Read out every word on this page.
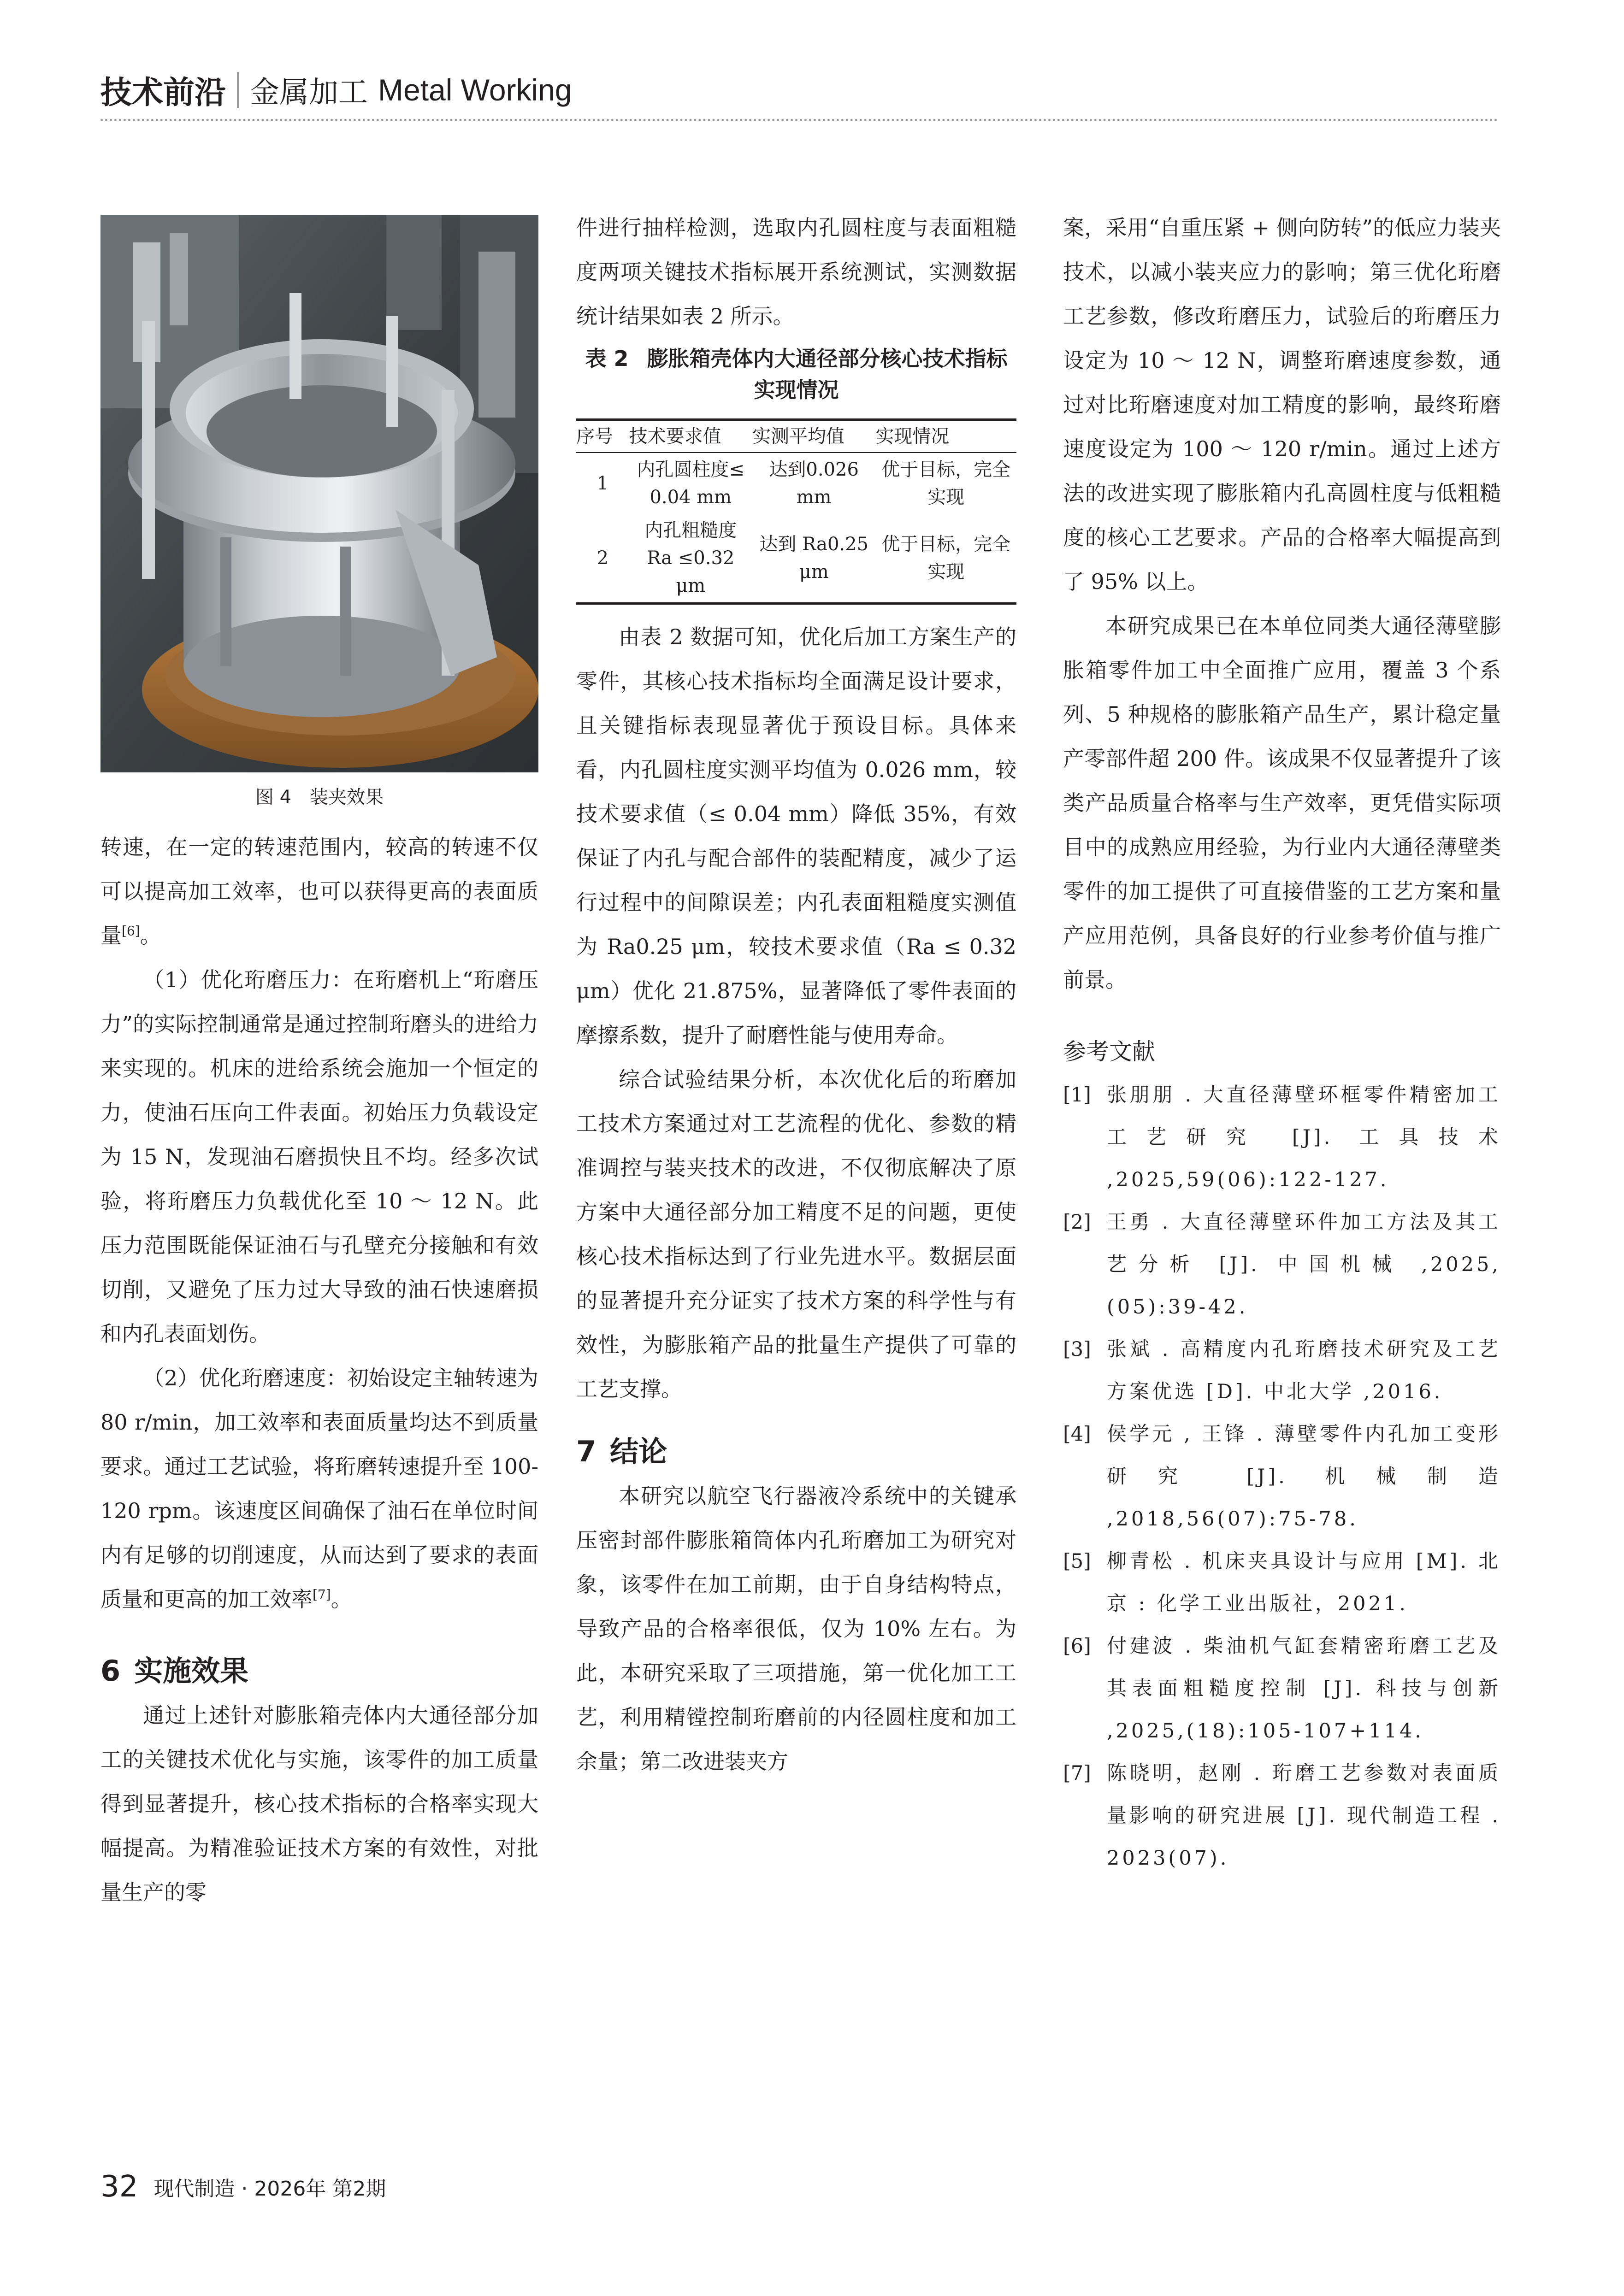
技术前沿 金属加工 Metal Working
图 4　装夹效果

转速，在一定的转速范围内，较高的转速不仅可以提高加工效率，也可以获得更高的表面质量[6]。

（1）优化珩磨压力：在珩磨机上“珩磨压力”的实际控制通常是通过控制珩磨头的进给力来实现的。机床的进给系统会施加一个恒定的力，使油石压向工件表面。初始压力负载设定为 15 N，发现油石磨损快且不均。经多次试验，将珩磨压力负载优化至 10 ～ 12 N。此压力范围既能保证油石与孔壁充分接触和有效切削，又避免了压力过大导致的油石快速磨损和内孔表面划伤。

（2）优化珩磨速度：初始设定主轴转速为 80 r/min，加工效率和表面质量均达不到质量要求。通过工艺试验，将珩磨转速提升至 100-120 rpm。该速度区间确保了油石在单位时间内有足够的切削速度，从而达到了要求的表面质量和更高的加工效率[7]。

6 实施效果

通过上述针对膨胀箱壳体内大通径部分加工的关键技术优化与实施，该零件的加工质量得到显著提升，核心技术指标的合格率实现大幅提高。为精准验证技术方案的有效性，对批量生产的零

件进行抽样检测，选取内孔圆柱度与表面粗糙度两项关键技术指标展开系统测试，实测数据统计结果如表 2 所示。

表 2 膨胀箱壳体内大通径部分核心技术指标实现情况
序号	技术要求值	实测平均值	实现情况
1	内孔圆柱度≤ 0.04 mm	达到0.026 mm	优于目标，完全实现
2	内孔粗糙度 Ra ≤0.32 μm	达到 Ra0.25 μm	优于目标，完全实现

由表 2 数据可知，优化后加工方案生产的零件，其核心技术指标均全面满足设计要求，且关键指标表现显著优于预设目标。具体来看，内孔圆柱度实测平均值为 0.026 mm，较技术要求值（≤ 0.04 mm）降低 35%，有效保证了内孔与配合部件的装配精度，减少了运行过程中的间隙误差；内孔表面粗糙度实测值为 Ra0.25 μm，较技术要求值（Ra ≤ 0.32 μm）优化 21.875%，显著降低了零件表面的摩擦系数，提升了耐磨性能与使用寿命。

综合试验结果分析，本次优化后的珩磨加工技术方案通过对工艺流程的优化、参数的精准调控与装夹技术的改进，不仅彻底解决了原方案中大通径部分加工精度不足的问题，更使核心技术指标达到了行业先进水平。数据层面的显著提升充分证实了技术方案的科学性与有效性，为膨胀箱产品的批量生产提供了可靠的工艺支撑。

7 结论

本研究以航空飞行器液冷系统中的关键承压密封部件膨胀箱筒体内孔珩磨加工为研究对象，该零件在加工前期，由于自身结构特点，导致产品的合格率很低，仅为 10% 左右。为此，本研究采取了三项措施，第一优化加工工艺，利用精镗控制珩磨前的内径圆柱度和加工余量；第二改进装夹方

案，采用“自重压紧 + 侧向防转”的低应力装夹技术，以减小装夹应力的影响；第三优化珩磨工艺参数，修改珩磨压力，试验后的珩磨压力设定为 10 ～ 12 N，调整珩磨速度参数，通过对比珩磨速度对加工精度的影响，最终珩磨速度设定为 100 ～ 120 r/min。通过上述方法的改进实现了膨胀箱内孔高圆柱度与低粗糙度的核心工艺要求。产品的合格率大幅提高到了 95% 以上。

本研究成果已在本单位同类大通径薄壁膨胀箱零件加工中全面推广应用，覆盖 3 个系列、5 种规格的膨胀箱产品生产，累计稳定量产零部件超 200 件。该成果不仅显著提升了该类产品质量合格率与生产效率，更凭借实际项目中的成熟应用经验，为行业内大通径薄壁类零件的加工提供了可直接借鉴的工艺方案和量产应用范例，具备良好的行业参考价值与推广前景。

参考文献
[1] 张朋朋 . 大直径薄壁环框零件精密加工工艺研究 [J]. 工具技术 ,2025,59(06):122-127.
[2] 王勇 . 大直径薄壁环件加工方法及其工艺分析 [J]. 中国机械 ,2025,(05):39-42.
[3] 张斌 . 高精度内孔珩磨技术研究及工艺方案优选 [D]. 中北大学 ,2016.
[4] 侯学元 , 王锋 . 薄壁零件内孔加工变形研究 [J]. 机械制造 ,2018,56(07):75-78.
[5] 柳青松 . 机床夹具设计与应用 [M]. 北京 : 化学工业出版社，2021.
[6] 付建波 . 柴油机气缸套精密珩磨工艺及其表面粗糙度控制 [J]. 科技与创新 ,2025,(18):105-107+114.
[7] 陈晓明，赵刚 . 珩磨工艺参数对表面质量影响的研究进展 [J]. 现代制造工程 . 2023(07).
32 现代制造 · 2026年 第2期
